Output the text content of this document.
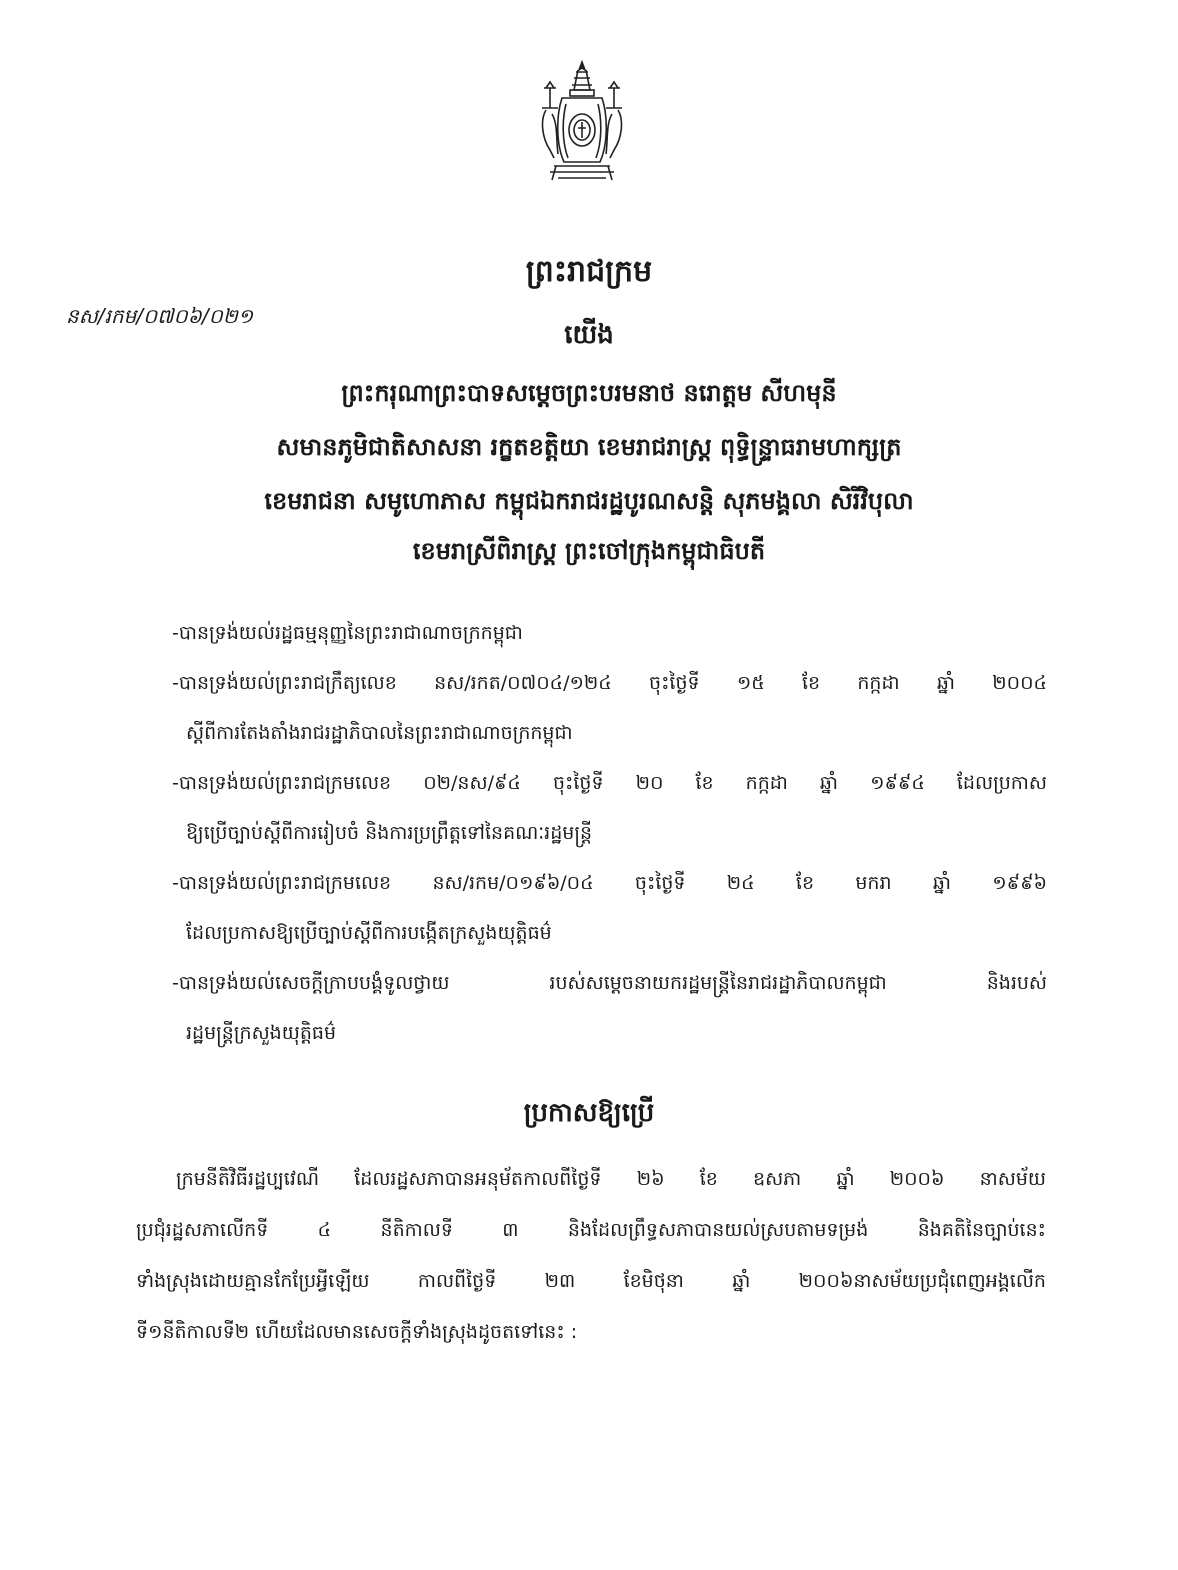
ព្រះរាជក្រម
នស/រកម/០៧០៦/០២១
យើង
ព្រះករុណាព្រះបាទសម្តេចព្រះបរមនាថ នរោត្តម សីហមុនី
សមានភូមិជាតិសាសនា រក្ខតខត្តិយា ខេមរាជរាស្ត្រ ពុទ្ធិន្ទ្រាធរាមហាក្សត្រ
ខេមរាជនា សមូហោភាស កម្ពុជឯករាជរដ្ឋបូរណសន្តិ សុភមង្គលា សិរីវិបុលា
ខេមរាស្រីពិរាស្ត្រ ព្រះចៅក្រុងកម្ពុជាធិបតី
-បានទ្រង់យល់រដ្ឋធម្មនុញ្ញនៃព្រះរាជាណាចក្រកម្ពុជា
-បានទ្រង់យល់ព្រះរាជក្រឹត្យលេខ នស/រកត/០៧០៤/១២៤ ចុះថ្ងៃទី ១៥ ខែ កក្កដា ឆ្នាំ ២០០៤
ស្តីពីការតែងតាំងរាជរដ្ឋាភិបាលនៃព្រះរាជាណាចក្រកម្ពុជា
-បានទ្រង់យល់ព្រះរាជក្រមលេខ ០២/នស/៩៤ ចុះថ្ងៃទី ២០ ខែ កក្កដា ឆ្នាំ ១៩៩៤ ដែលប្រកាស
ឱ្យប្រើច្បាប់ស្តីពីការរៀបចំ និងការប្រព្រឹត្តទៅនៃគណៈរដ្ឋមន្ត្រី
-បានទ្រង់យល់ព្រះរាជក្រមលេខ នស/រកម/០១៩៦/០៤ ចុះថ្ងៃទី ២៤ ខែ មករា ឆ្នាំ ១៩៩៦
ដែលប្រកាសឱ្យប្រើច្បាប់ស្តីពីការបង្កើតក្រសួងយុត្តិធម៌
-បានទ្រង់យល់សេចក្តីក្រាបបង្គំទូលថ្វាយ របស់សម្តេចនាយករដ្ឋមន្ត្រីនៃរាជរដ្ឋាភិបាលកម្ពុជា និងរបស់
រដ្ឋមន្ត្រីក្រសួងយុត្តិធម៌
ប្រកាសឱ្យប្រើ
ក្រមនីតិវិធីរដ្ឋប្បវេណី ដែលរដ្ឋសភាបានអនុម័តកាលពីថ្ងៃទី ២៦ ខែ ឧសភា ឆ្នាំ ២០០៦ នាសម័យ
ប្រជុំរដ្ឋសភាលើកទី ៤ នីតិកាលទី ៣ និងដែលព្រឹទ្ធសភាបានយល់ស្របតាមទម្រង់ និងគតិនៃច្បាប់នេះ
ទាំងស្រុងដោយគ្មានកែប្រែអ្វីឡើយ កាលពីថ្ងៃទី ២៣ ខែមិថុនា ឆ្នាំ ២០០៦នាសម័យប្រជុំពេញអង្គលើក
ទី១នីតិកាលទី២ ហើយដែលមានសេចក្តីទាំងស្រុងដូចតទៅនេះ :
